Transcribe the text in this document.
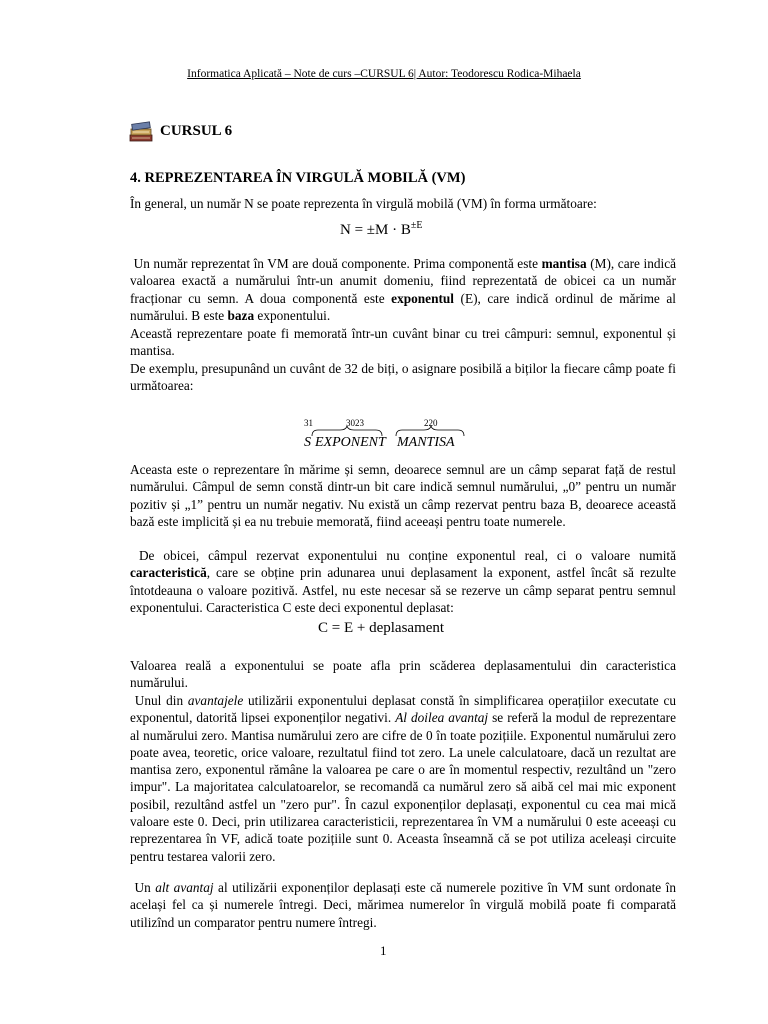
Informatica Aplicată – Note de curs –CURSUL 6| Autor: Teodorescu Rodica-Mihaela
CURSUL 6
4. REPREZENTAREA ÎN VIRGULĂ MOBILĂ (VM)
În general, un număr N se poate reprezenta în virgulă mobilă (VM) în forma următoare:
$N = \pm M \cdot B^{\pm E}$
Un număr reprezentat în VM are două componente. Prima componentă este mantisa (M), care indică valoarea exactă a numărului într-un anumit domeniu, fiind reprezentată de obicei ca un număr fracționar cu semn. A doua componentă este exponentul (E), care indică ordinul de mărime al numărului. B este baza exponentului.
Această reprezentare poate fi memorată într-un cuvânt binar cu trei câmpuri: semnul, exponentul și mantisa.
De exemplu, presupunând un cuvânt de 32 de biți, o asignare posibilă a biților la fiecare câmp poate fi următoarea:
31	3023	220
S EXPONENT MANTISA
Aceasta este o reprezentare în mărime și semn, deoarece semnul are un câmp separat față de restul numărului. Câmpul de semn constă dintr-un bit care indică semnul numărului, „0” pentru un număr pozitiv și „1” pentru un număr negativ. Nu există un câmp rezervat pentru baza B, deoarece această bază este implicită și ea nu trebuie memorată, fiind aceeași pentru toate numerele.
De obicei, câmpul rezervat exponentului nu conține exponentul real, ci o valoare numită caracteristică, care se obține prin adunarea unui deplasament la exponent, astfel încât să rezulte întotdeauna o valoare pozitivă. Astfel, nu este necesar să se rezerve un câmp separat pentru semnul exponentului. Caracteristica C este deci exponentul deplasat:
C = E + deplasament
Valoarea reală a exponentului se poate afla prin scăderea deplasamentului din caracteristica numărului.
Unul din avantajele utilizării exponentului deplasat constă în simplificarea operațiilor executate cu exponentul, datorită lipsei exponenților negativi. Al doilea avantaj se referă la modul de reprezentare al numărului zero. Mantisa numărului zero are cifre de 0 în toate pozițiile. Exponentul numărului zero poate avea, teoretic, orice valoare, rezultatul fiind tot zero. La unele calculatoare, dacă un rezultat are mantisa zero, exponentul rămâne la valoarea pe care o are în momentul respectiv, rezultând un "zero impur". La majoritatea calculatoarelor, se recomandă ca numărul zero să aibă cel mai mic exponent posibil, rezultând astfel un "zero pur". În cazul exponenților deplasați, exponentul cu cea mai mică valoare este 0. Deci, prin utilizarea caracteristicii, reprezentarea în VM a numărului 0 este aceeași cu reprezentarea în VF, adică toate pozițiile sunt 0. Aceasta înseamnă că se pot utiliza aceleași circuite pentru testarea valorii zero.
Un alt avantaj al utilizării exponenților deplasați este că numerele pozitive în VM sunt ordonate în același fel ca și numerele întregi. Deci, mărimea numerelor în virgulă mobilă poate fi comparată utilizînd un comparator pentru numere întregi.
1
